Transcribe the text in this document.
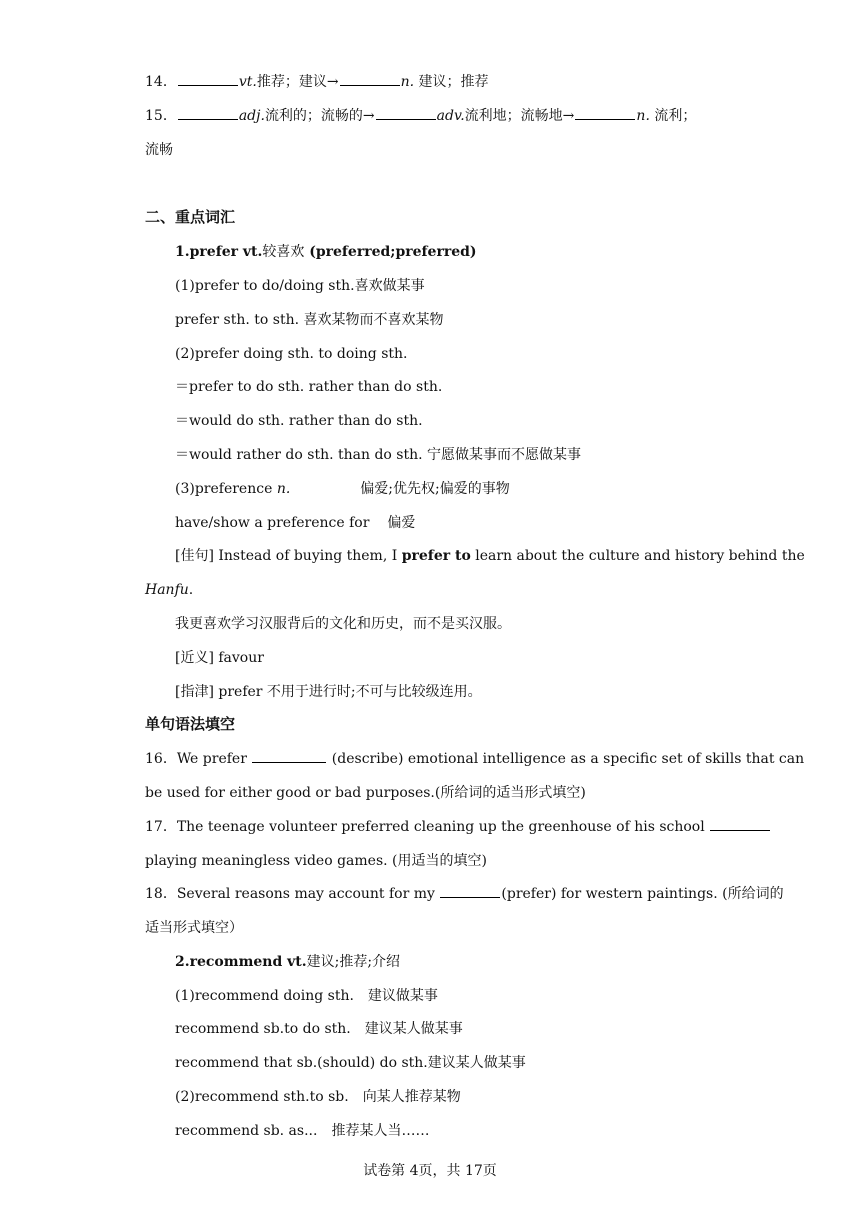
14．	vt.推荐；建议→	n. 建议；推荐
15．	adj.流利的；流畅的→	adv.流利地；流畅地→	n. 流利；
流畅
二、重点词汇
1.prefer vt.较喜欢 (preferred;preferred)
(1)prefer to do/doing sth.喜欢做某事
prefer sth. to sth. 喜欢某物而不喜欢某物
(2)prefer doing sth. to doing sth.
＝prefer to do sth. rather than do sth.
＝would do sth. rather than do sth.
＝would rather do sth. than do sth. 宁愿做某事而不愿做某事
(3)preference n.	偏爱;优先权;偏爱的事物
have/show a preference for 偏爱
[佳句] Instead of buying them, I prefer to learn about the culture and history behind the
Hanfu.
我更喜欢学习汉服背后的文化和历史，而不是买汉服。
[近义] favour
[指津] prefer 不用于进行时;不可与比较级连用。
单句语法填空
16．We prefer	(describe) emotional intelligence as a specific set of skills that can
be used for either good or bad purposes.(所给词的适当形式填空)
17．The teenage volunteer preferred cleaning up the greenhouse of his school
playing meaningless video games. (用适当的填空)
18．Several reasons may account for my	(prefer) for western paintings. (所给词的
适当形式填空）
2.recommend vt.建议;推荐;介绍
(1)recommend doing sth. 建议做某事
recommend sb.to do sth. 建议某人做某事
recommend that sb.(should) do sth.建议某人做某事
(2)recommend sth.to sb. 向某人推荐某物
recommend sb. as... 推荐某人当……
试卷第 4页，共 17页
